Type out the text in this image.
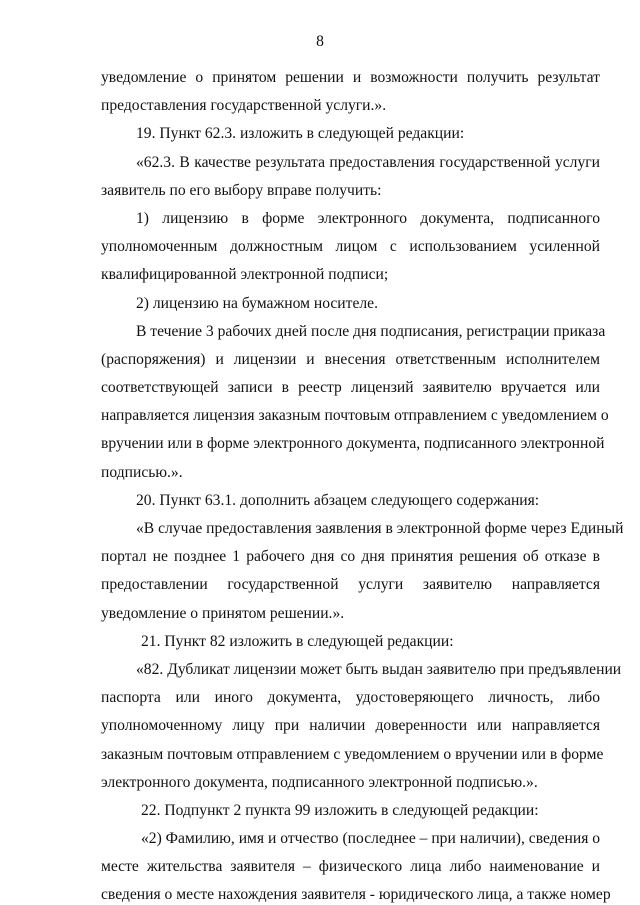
8
уведомление о принятом решении и возможности получить результат
предоставления государственной услуги.».
19. Пункт 62.3. изложить в следующей редакции:
«62.3. В качестве результата предоставления государственной услуги
заявитель по его выбору вправе получить:
1) лицензию в форме электронного документа, подписанного
уполномоченным должностным лицом с использованием усиленной
квалифицированной электронной подписи;
2) лицензию на бумажном носителе.
В течение 3 рабочих дней после дня подписания, регистрации приказа
(распоряжения) и лицензии и внесения ответственным исполнителем
соответствующей записи в реестр лицензий заявителю вручается или
направляется лицензия заказным почтовым отправлением с уведомлением о
вручении или в форме электронного документа, подписанного электронной
подписью.».
20. Пункт 63.1. дополнить абзацем следующего содержания:
«В случае предоставления заявления в электронной форме через Единый
портал не позднее 1 рабочего дня со дня принятия решения об отказе в
предоставлении государственной услуги заявителю направляется
уведомление о принятом решении.».
21. Пункт 82 изложить в следующей редакции:
«82. Дубликат лицензии может быть выдан заявителю при предъявлении
паспорта или иного документа, удостоверяющего личность, либо
уполномоченному лицу при наличии доверенности или направляется
заказным почтовым отправлением с уведомлением о вручении или в форме
электронного документа, подписанного электронной подписью.».
22. Подпункт 2 пункта 99 изложить в следующей редакции:
«2) Фамилию, имя и отчество (последнее – при наличии), сведения о
месте жительства заявителя – физического лица либо наименование и
сведения о месте нахождения заявителя - юридического лица, а также номер
